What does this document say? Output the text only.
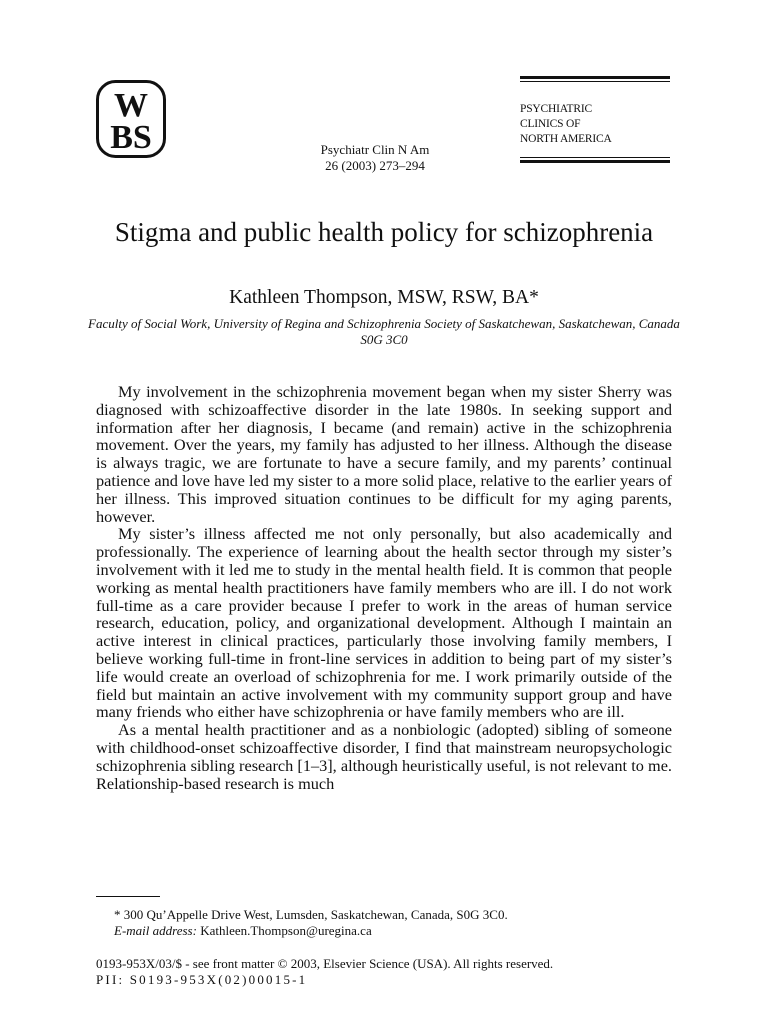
W
BS	Psychiatr Clin N Am
26 (2003) 273–294
PSYCHIATRIC
CLINICS OF
NORTH AMERICA
Stigma and public health policy for schizophrenia
Kathleen Thompson, MSW, RSW, BA*
Faculty of Social Work, University of Regina and Schizophrenia Society of Saskatchewan, Saskatchewan, Canada S0G 3C0

My involvement in the schizophrenia movement began when my sister Sherry was diagnosed with schizoaffective disorder in the late 1980s. In seeking support and information after her diagnosis, I became (and remain) active in the schizophrenia movement. Over the years, my family has adjusted to her illness. Although the disease is always tragic, we are fortunate to have a secure family, and my parents’ continual patience and love have led my sister to a more solid place, relative to the earlier years of her illness. This improved situation continues to be difficult for my aging parents, however.

My sister’s illness affected me not only personally, but also academically and professionally. The experience of learning about the health sector through my sister’s involvement with it led me to study in the mental health field. It is common that people working as mental health practitioners have family members who are ill. I do not work full-time as a care provider because I prefer to work in the areas of human service research, education, policy, and organizational development. Although I maintain an active interest in clinical practices, particularly those involving family members, I believe working full-time in front-line services in addition to being part of my sister’s life would create an overload of schizophrenia for me. I work primarily outside of the field but maintain an active involvement with my community support group and have many friends who either have schizophrenia or have family members who are ill.

As a mental health practitioner and as a nonbiologic (adopted) sibling of someone with childhood-onset schizoaffective disorder, I find that mainstream neuropsychologic schizophrenia sibling research [1–3], although heuristically useful, is not relevant to me. Relationship-based research is much

* 300 Qu’Appelle Drive West, Lumsden, Saskatchewan, Canada, S0G 3C0.
E-mail address: Kathleen.Thompson@uregina.ca
0193-953X/03/$ - see front matter © 2003, Elsevier Science (USA). All rights reserved.
PII: S0193-953X(02)00015-1
